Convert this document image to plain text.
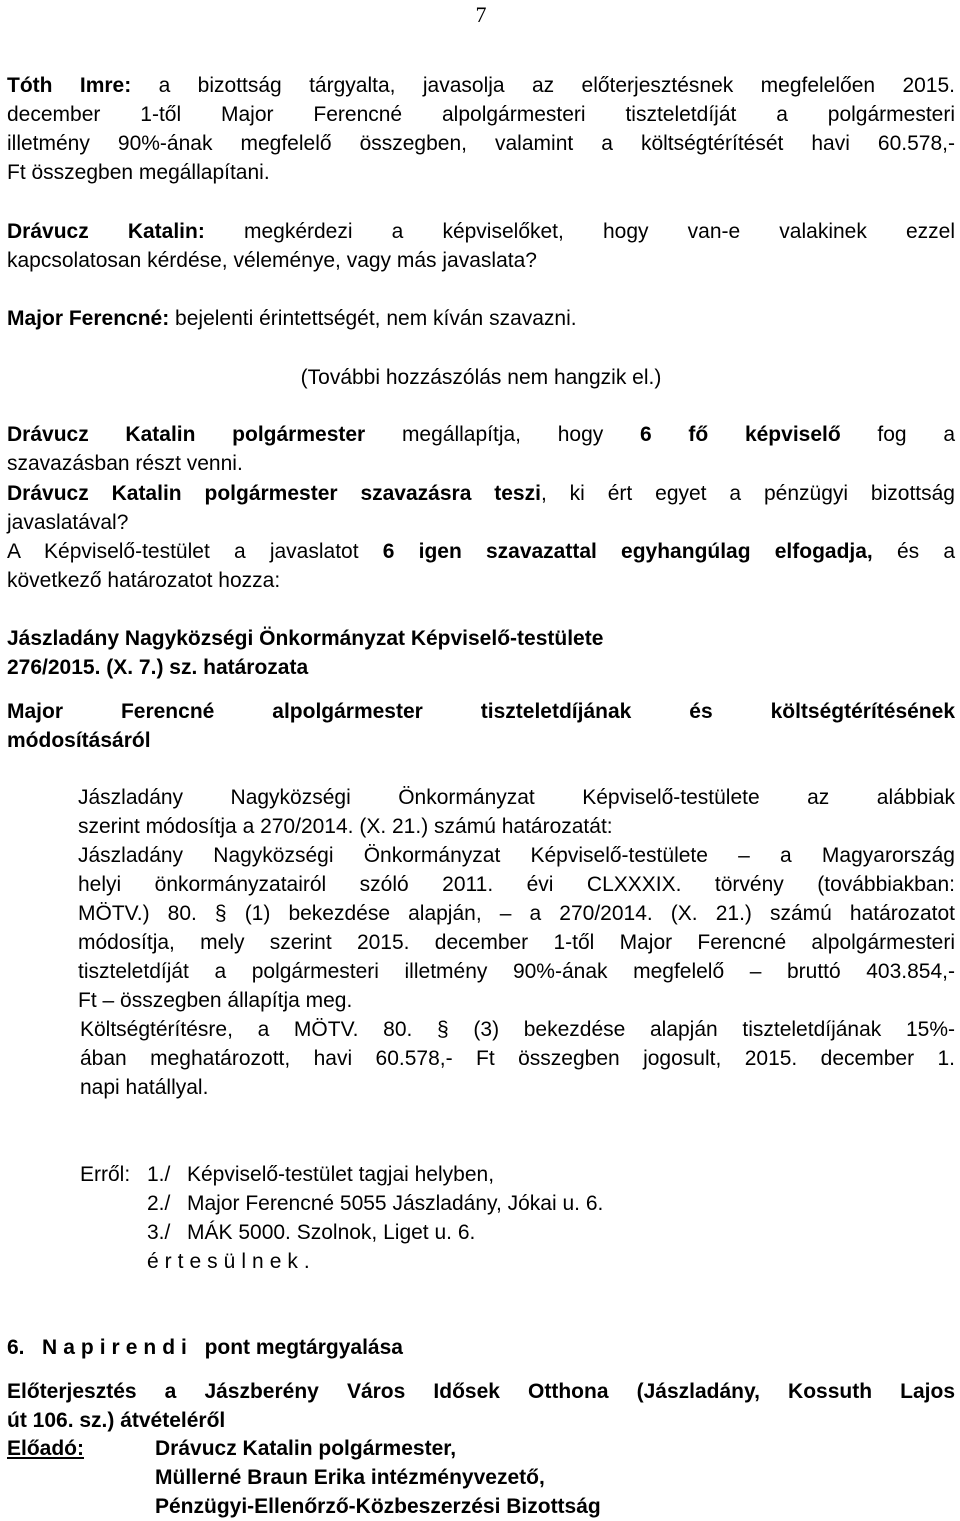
7
Tóth Imre: a bizottság tárgyalta, javasolja az előterjesztésnek megfelelően 2015.
december 1-től Major Ferencné alpolgármesteri tiszteletdíját a polgármesteri
illetmény 90%-ának megfelelő összegben, valamint a költségtérítését havi 60.578,-
Ft összegben megállapítani.
Drávucz Katalin: megkérdezi a képviselőket, hogy van-e valakinek ezzel
kapcsolatosan kérdése, véleménye, vagy más javaslata?
Major Ferencné: bejelenti érintettségét, nem kíván szavazni.
(További hozzászólás nem hangzik el.)
Drávucz Katalin polgármester megállapítja, hogy 6 fő képviselő fog a
szavazásban részt venni.
Drávucz Katalin polgármester szavazásra teszi, ki ért egyet a pénzügyi bizottság
javaslatával?
A Képviselő-testület a javaslatot 6 igen szavazattal egyhangúlag elfogadja, és a
következő határozatot hozza:
Jászladány Nagyközségi Önkormányzat Képviselő-testülete
276/2015. (X. 7.) sz. határozata
Major Ferencné alpolgármester tiszteletdíjának és költségtérítésének
módosításáról
Jászladány Nagyközségi Önkormányzat Képviselő-testülete az alábbiak
szerint módosítja a 270/2014. (X. 21.) számú határozatát:
Jászladány Nagyközségi Önkormányzat Képviselő-testülete – a Magyarország
helyi önkormányzatairól szóló 2011. évi CLXXXIX. törvény (továbbiakban:
MÖTV.) 80. § (1) bekezdése alapján, – a 270/2014. (X. 21.) számú határozatot
módosítja, mely szerint 2015. december 1-től Major Ferencné alpolgármesteri
tiszteletdíját a polgármesteri illetmény 90%-ának megfelelő – bruttó 403.854,-
Ft – összegben állapítja meg.
Költségtérítésre, a MÖTV. 80. § (3) bekezdése alapján tiszteletdíjának 15%-
ában meghatározott, havi 60.578,- Ft összegben jogosult, 2015. december 1.
napi hatállyal.
Erről: 1./ Képviselő-testület tagjai helyben,
2./ Major Ferencné 5055 Jászladány, Jókai u. 6.
3./ MÁK 5000. Szolnok, Liget u. 6.
értesülnek.
6. Napirendi pont megtárgyalása
Előterjesztés a Jászberény Város Idősek Otthona (Jászladány, Kossuth Lajos
út 106. sz.) átvételéről
Előadó:	Drávucz Katalin polgármester,
Müllerné Braun Erika intézményvezető,
Pénzügyi-Ellenőrző-Közbeszerzési Bizottság
